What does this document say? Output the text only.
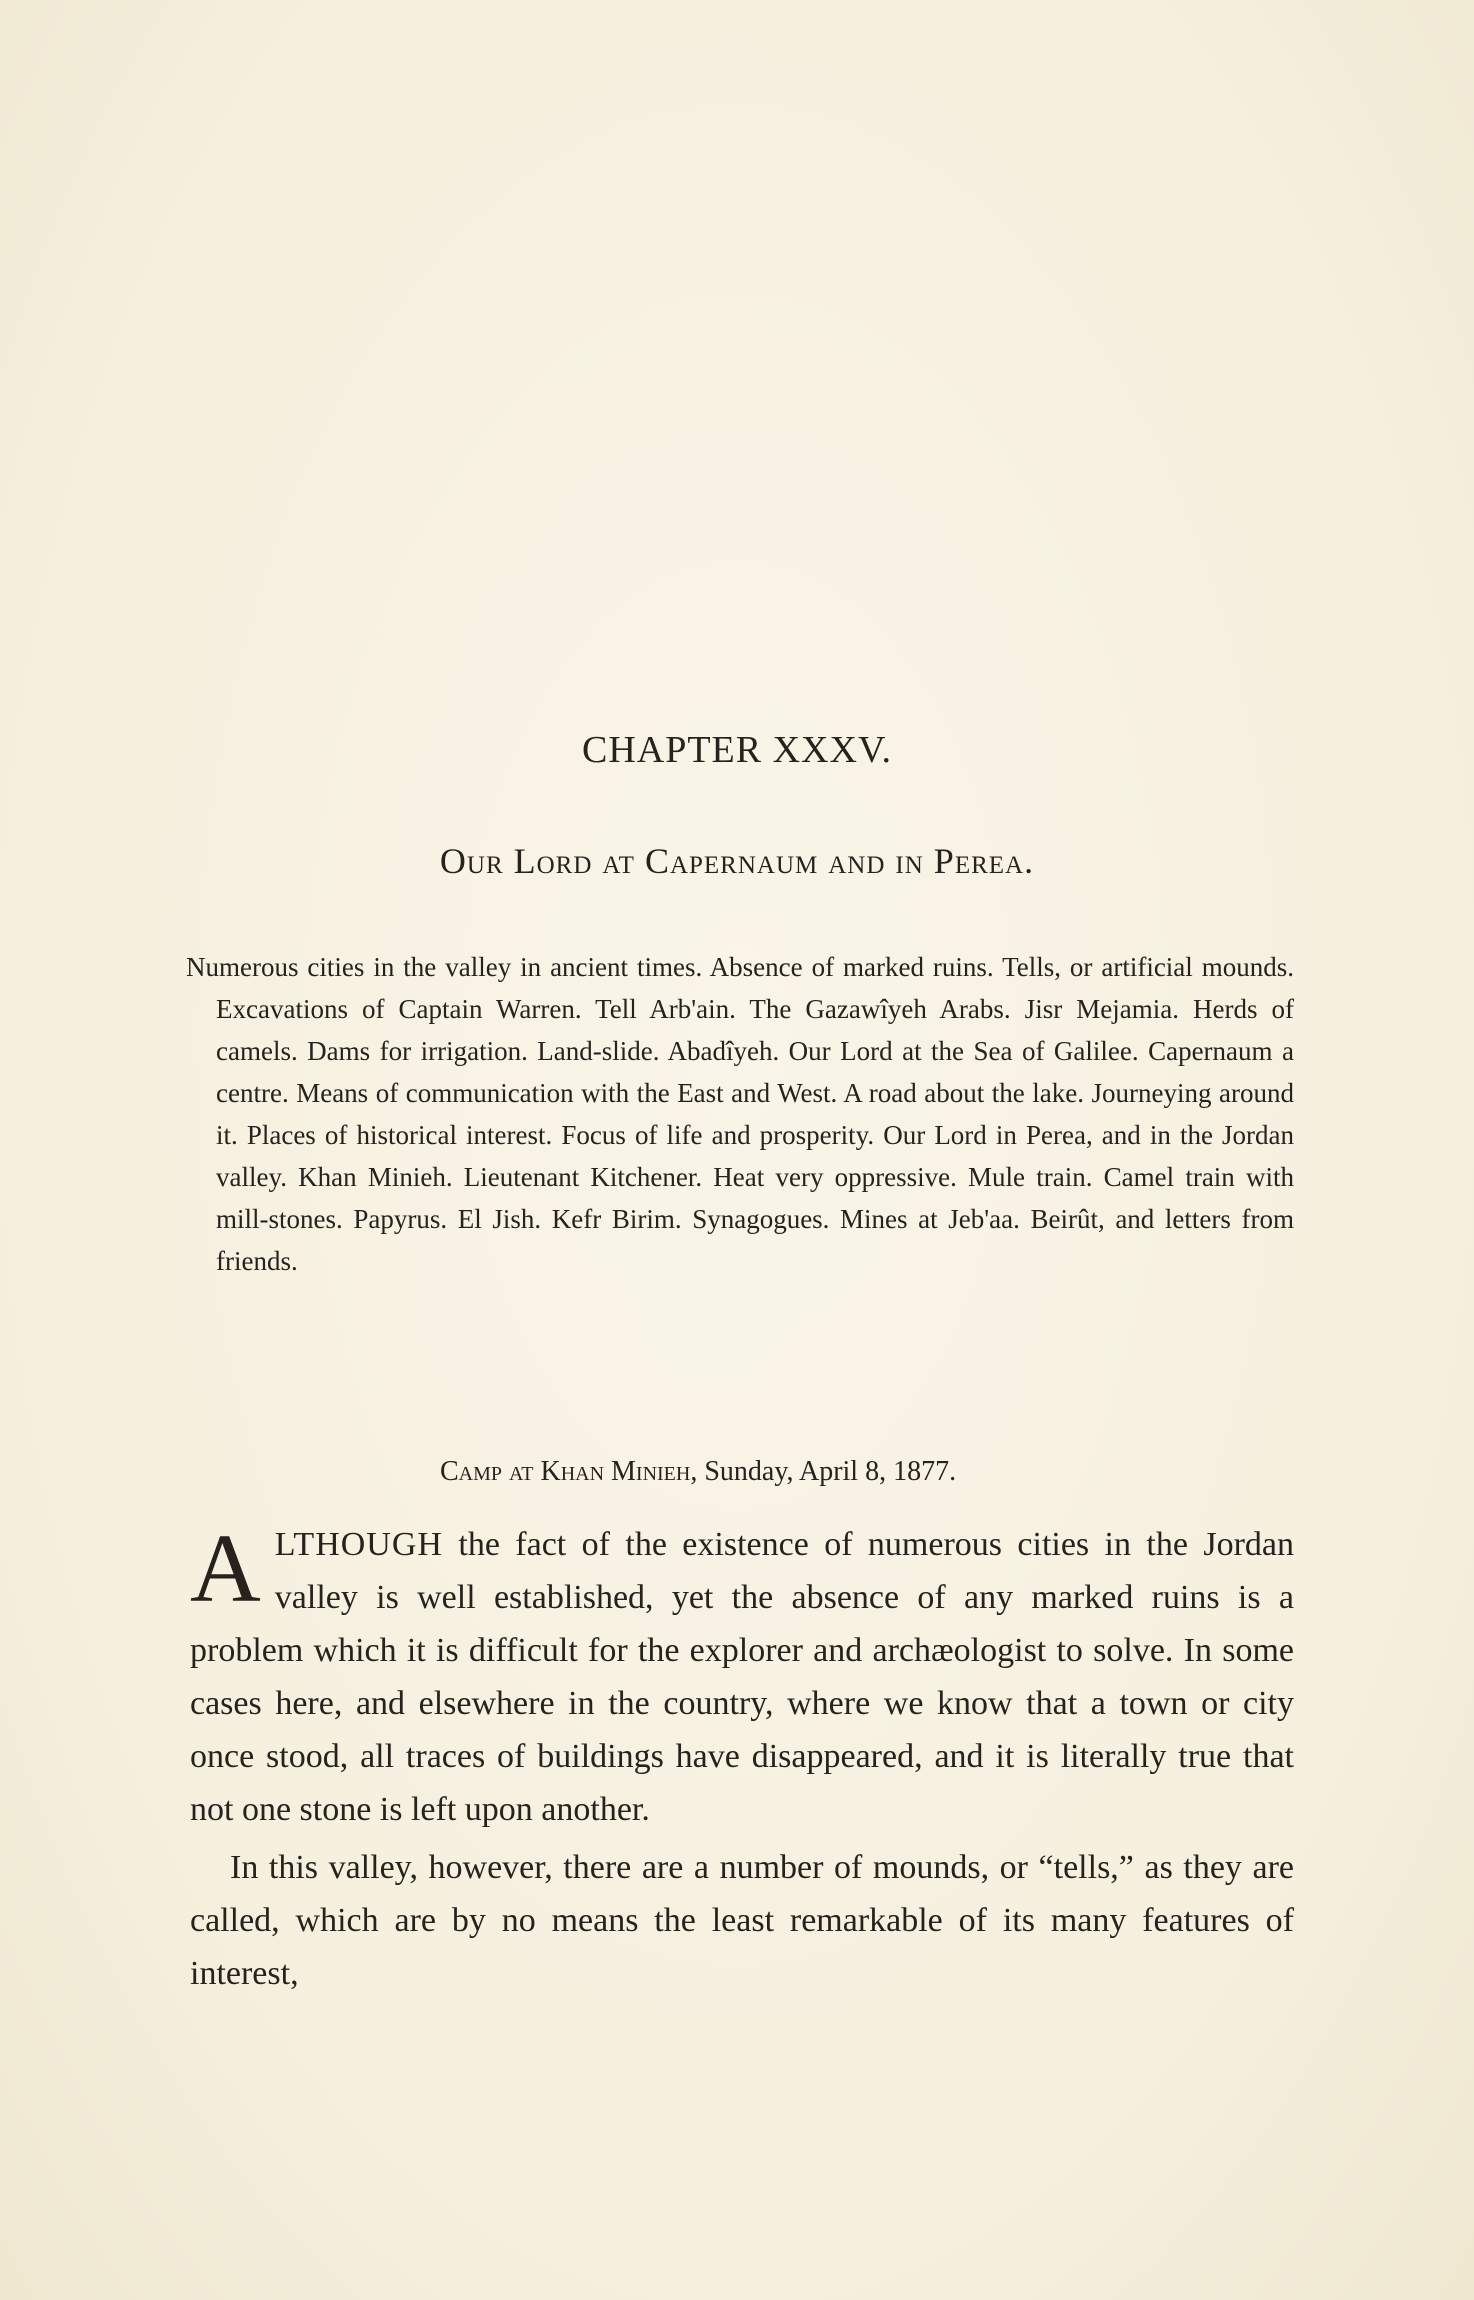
CHAPTER XXXV.
Our Lord at Capernaum and in Perea.
Numerous cities in the valley in ancient times. Absence of marked ruins. Tells, or artificial mounds. Excavations of Captain Warren. Tell Arb'ain. The Gazawîyeh Arabs. Jisr Mejamia. Herds of camels. Dams for irrigation. Land-slide. Abadîyeh. Our Lord at the Sea of Galilee. Capernaum a centre. Means of communication with the East and West. A road about the lake. Journeying around it. Places of historical interest. Focus of life and prosperity. Our Lord in Perea, and in the Jordan valley. Khan Minieh. Lieutenant Kitchener. Heat very oppressive. Mule train. Camel train with mill-stones. Papyrus. El Jish. Kefr Birim. Synagogues. Mines at Jeb'aa. Beirût, and letters from friends.
Camp at Khan Minieh, Sunday, April 8, 1877.

ALTHOUGH the fact of the existence of numerous cities in the Jordan valley is well established, yet the absence of any marked ruins is a problem which it is difficult for the explorer and archæologist to solve. In some cases here, and elsewhere in the country, where we know that a town or city once stood, all traces of buildings have disappeared, and it is literally true that not one stone is left upon another.

In this valley, however, there are a number of mounds, or “tells,” as they are called, which are by no means the least remarkable of its many features of interest,
